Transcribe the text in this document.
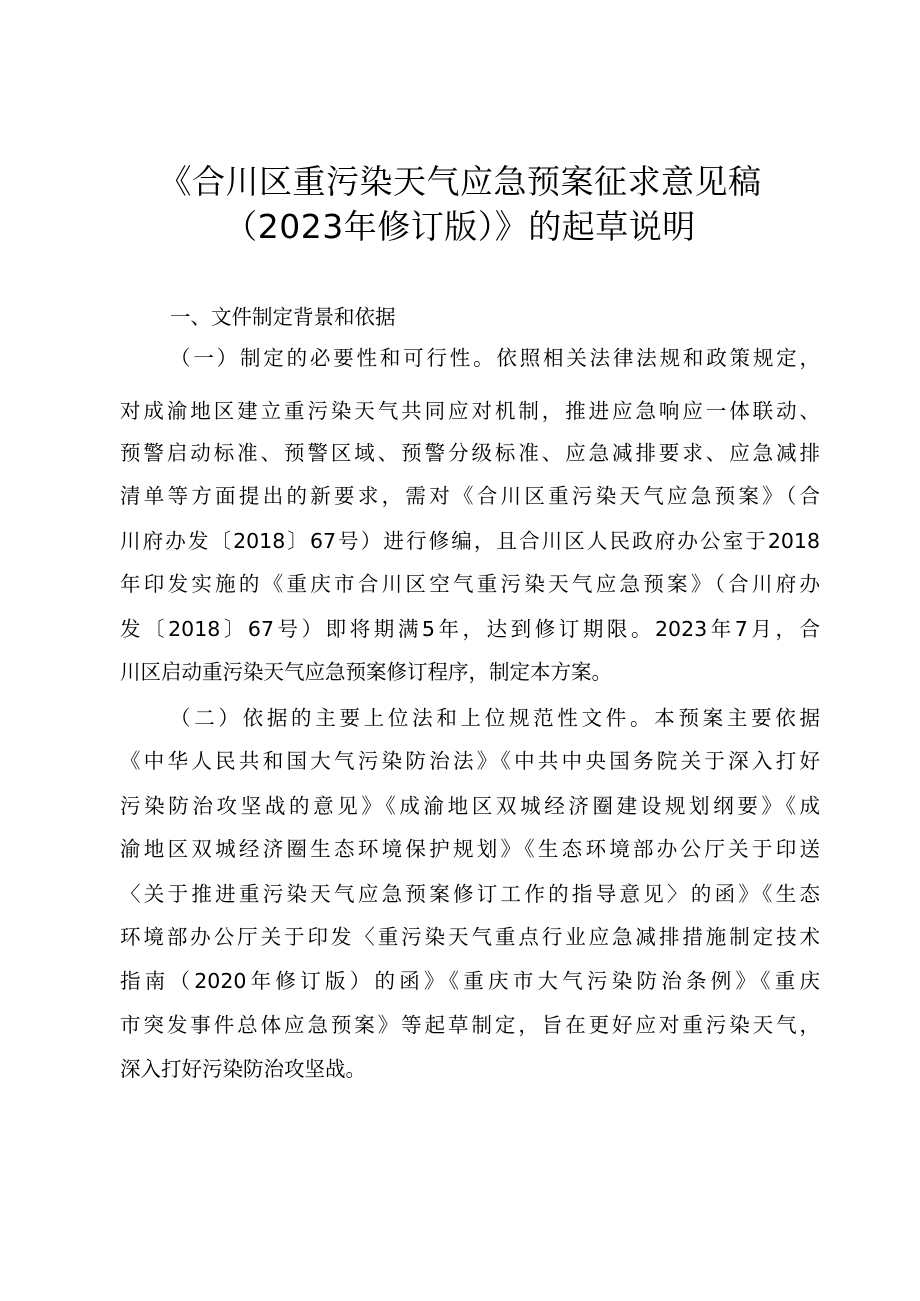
《合川区重污染天气应急预案征求意见稿
（2023年修订版）》的起草说明
一、文件制定背景和依据
（一）制定的必要性和可行性。依照相关法律法规和政策规定，
对成渝地区建立重污染天气共同应对机制，推进应急响应一体联动、
预警启动标准、预警区域、预警分级标准、应急减排要求、应急减排
清单等方面提出的新要求，需对《合川区重污染天气应急预案》（合
川府办发〔2018〕67号）进行修编，且合川区人民政府办公室于2018
年印发实施的《重庆市合川区空气重污染天气应急预案》（合川府办
发〔2018〕67号）即将期满5年，达到修订期限。2023年7月，合
川区启动重污染天气应急预案修订程序，制定本方案。
（二）依据的主要上位法和上位规范性文件。本预案主要依据
《中华人民共和国大气污染防治法》《中共中央国务院关于深入打好
污染防治攻坚战的意见》《成渝地区双城经济圈建设规划纲要》《成
渝地区双城经济圈生态环境保护规划》《生态环境部办公厅关于印送
〈关于推进重污染天气应急预案修订工作的指导意见〉的函》《生态
环境部办公厅关于印发〈重污染天气重点行业应急减排措施制定技术
指南（2020年修订版）的函》《重庆市大气污染防治条例》《重庆
市突发事件总体应急预案》等起草制定，旨在更好应对重污染天气，
深入打好污染防治攻坚战。
